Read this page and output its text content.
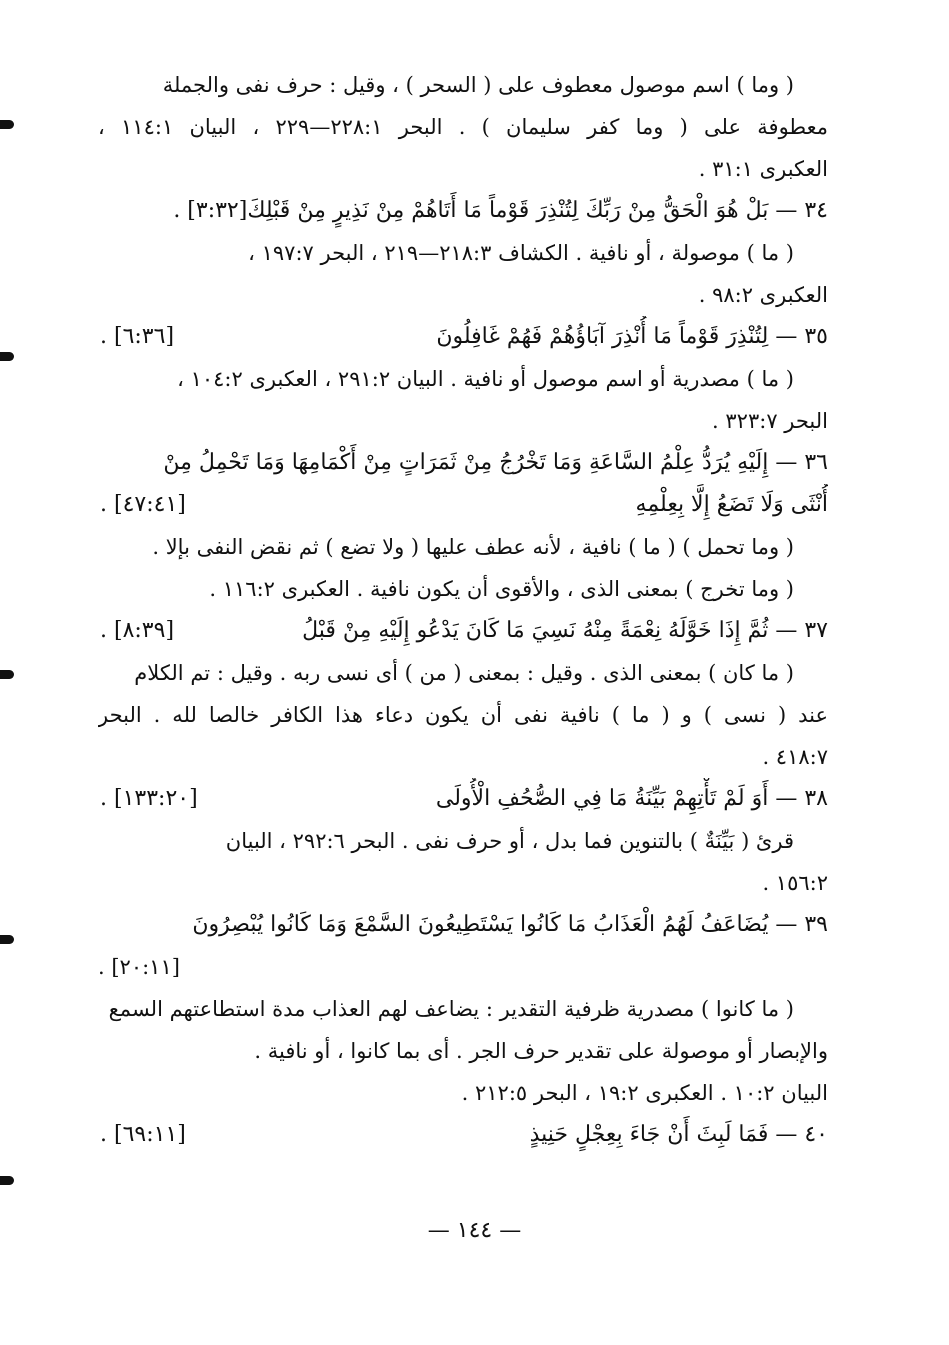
( وما ) اسم موصول معطوف على ( السحر ) ، وقيل : حرف نفى والجملة
معطوفة على ( وما كفر سليمان ) . البحر ٢٢٨:١—٢٢٩ ، البيان ١١٤:١ ،
العكبرى ٣١:١ .
٣٤ — بَلْ هُوَ الْحَقُّ مِنْ رَبِّكَ لِتُنْذِرَ قَوْماً مَا أَتَاهُمْ مِنْ نَذِيرٍ مِنْ قَبْلِكَ[٣:٣٢] .
( ما ) موصولة ، أو نافية . الكشاف ٢١٨:٣—٢١٩ ، البحر ١٩٧:٧ ،
العكبرى ٩٨:٢ .
٣٥ — لِتُنْذِرَ قَوْماً مَا أُنْذِرَ آبَاؤُهُمْ فَهُمْ غَافِلُونَ
[٦:٣٦] .
( ما ) مصدرية أو اسم موصول أو نافية . البيان ٢٩١:٢ ، العكبرى ١٠٤:٢ ،
البحر ٣٢٣:٧ .
٣٦ — إِلَيْهِ يُرَدُّ عِلْمُ السَّاعَةِ وَمَا تَخْرُجُ مِنْ ثَمَرَاتٍ مِنْ أَكْمَامِهَا وَمَا تَحْمِلُ مِنْ
أُنْثَى وَلَا تَضَعُ إِلَّا بِعِلْمِهِ
[٤٧:٤١] .
( وما تحمل ) ( ما ) نافية ، لأنه عطف عليها ( ولا تضع ) ثم نقض النفى بإلا .
( وما تخرج ) بمعنى الذى ، والأقوى أن يكون نافية . العكبرى ١١٦:٢ .
٣٧ — ثُمَّ إِذَا خَوَّلَهُ نِعْمَةً مِنْهُ نَسِيَ مَا كَانَ يَدْعُو إِلَيْهِ مِنْ قَبْلُ
[٨:٣٩] .
( ما كان ) بمعنى الذى . وقيل : بمعنى ( من ) أى نسى ربه . وقيل : تم الكلام
عند ( نسى ) و ( ما ) نافية نفى أن يكون دعاء هذا الكافر خالصا لله . البحر
٤١٨:٧ .
٣٨ — أَوَ لَمْ تَأْتِهِمْ بَيِّنَةُ مَا فِي الصُّحُفِ الْأُولَى
[١٣٣:٢٠] .
قرئ ( بَيِّنَةٌ ) بالتنوين فما بدل ، أو حرف نفى . البحر ٢٩٢:٦ ، البيان
١٥٦:٢ .
٣٩ — يُضَاعَفُ لَهُمُ الْعَذَابُ مَا كَانُوا يَسْتَطِيعُونَ السَّمْعَ وَمَا كَانُوا يُبْصِرُونَ
[٢٠:١١] .
( ما كانوا ) مصدرية ظرفية التقدير : يضاعف لهم العذاب مدة استطاعتهم السمع
والإبصار أو موصولة على تقدير حرف الجر . أى بما كانوا ، أو نافية .
البيان ١٠:٢ . العكبرى ١٩:٢ ، البحر ٢١٢:٥ .
٤٠ — فَمَا لَبِثَ أَنْ جَاءَ بِعِجْلٍ حَنِيذٍ
[٦٩:١١] .
— ١٤٤ —
